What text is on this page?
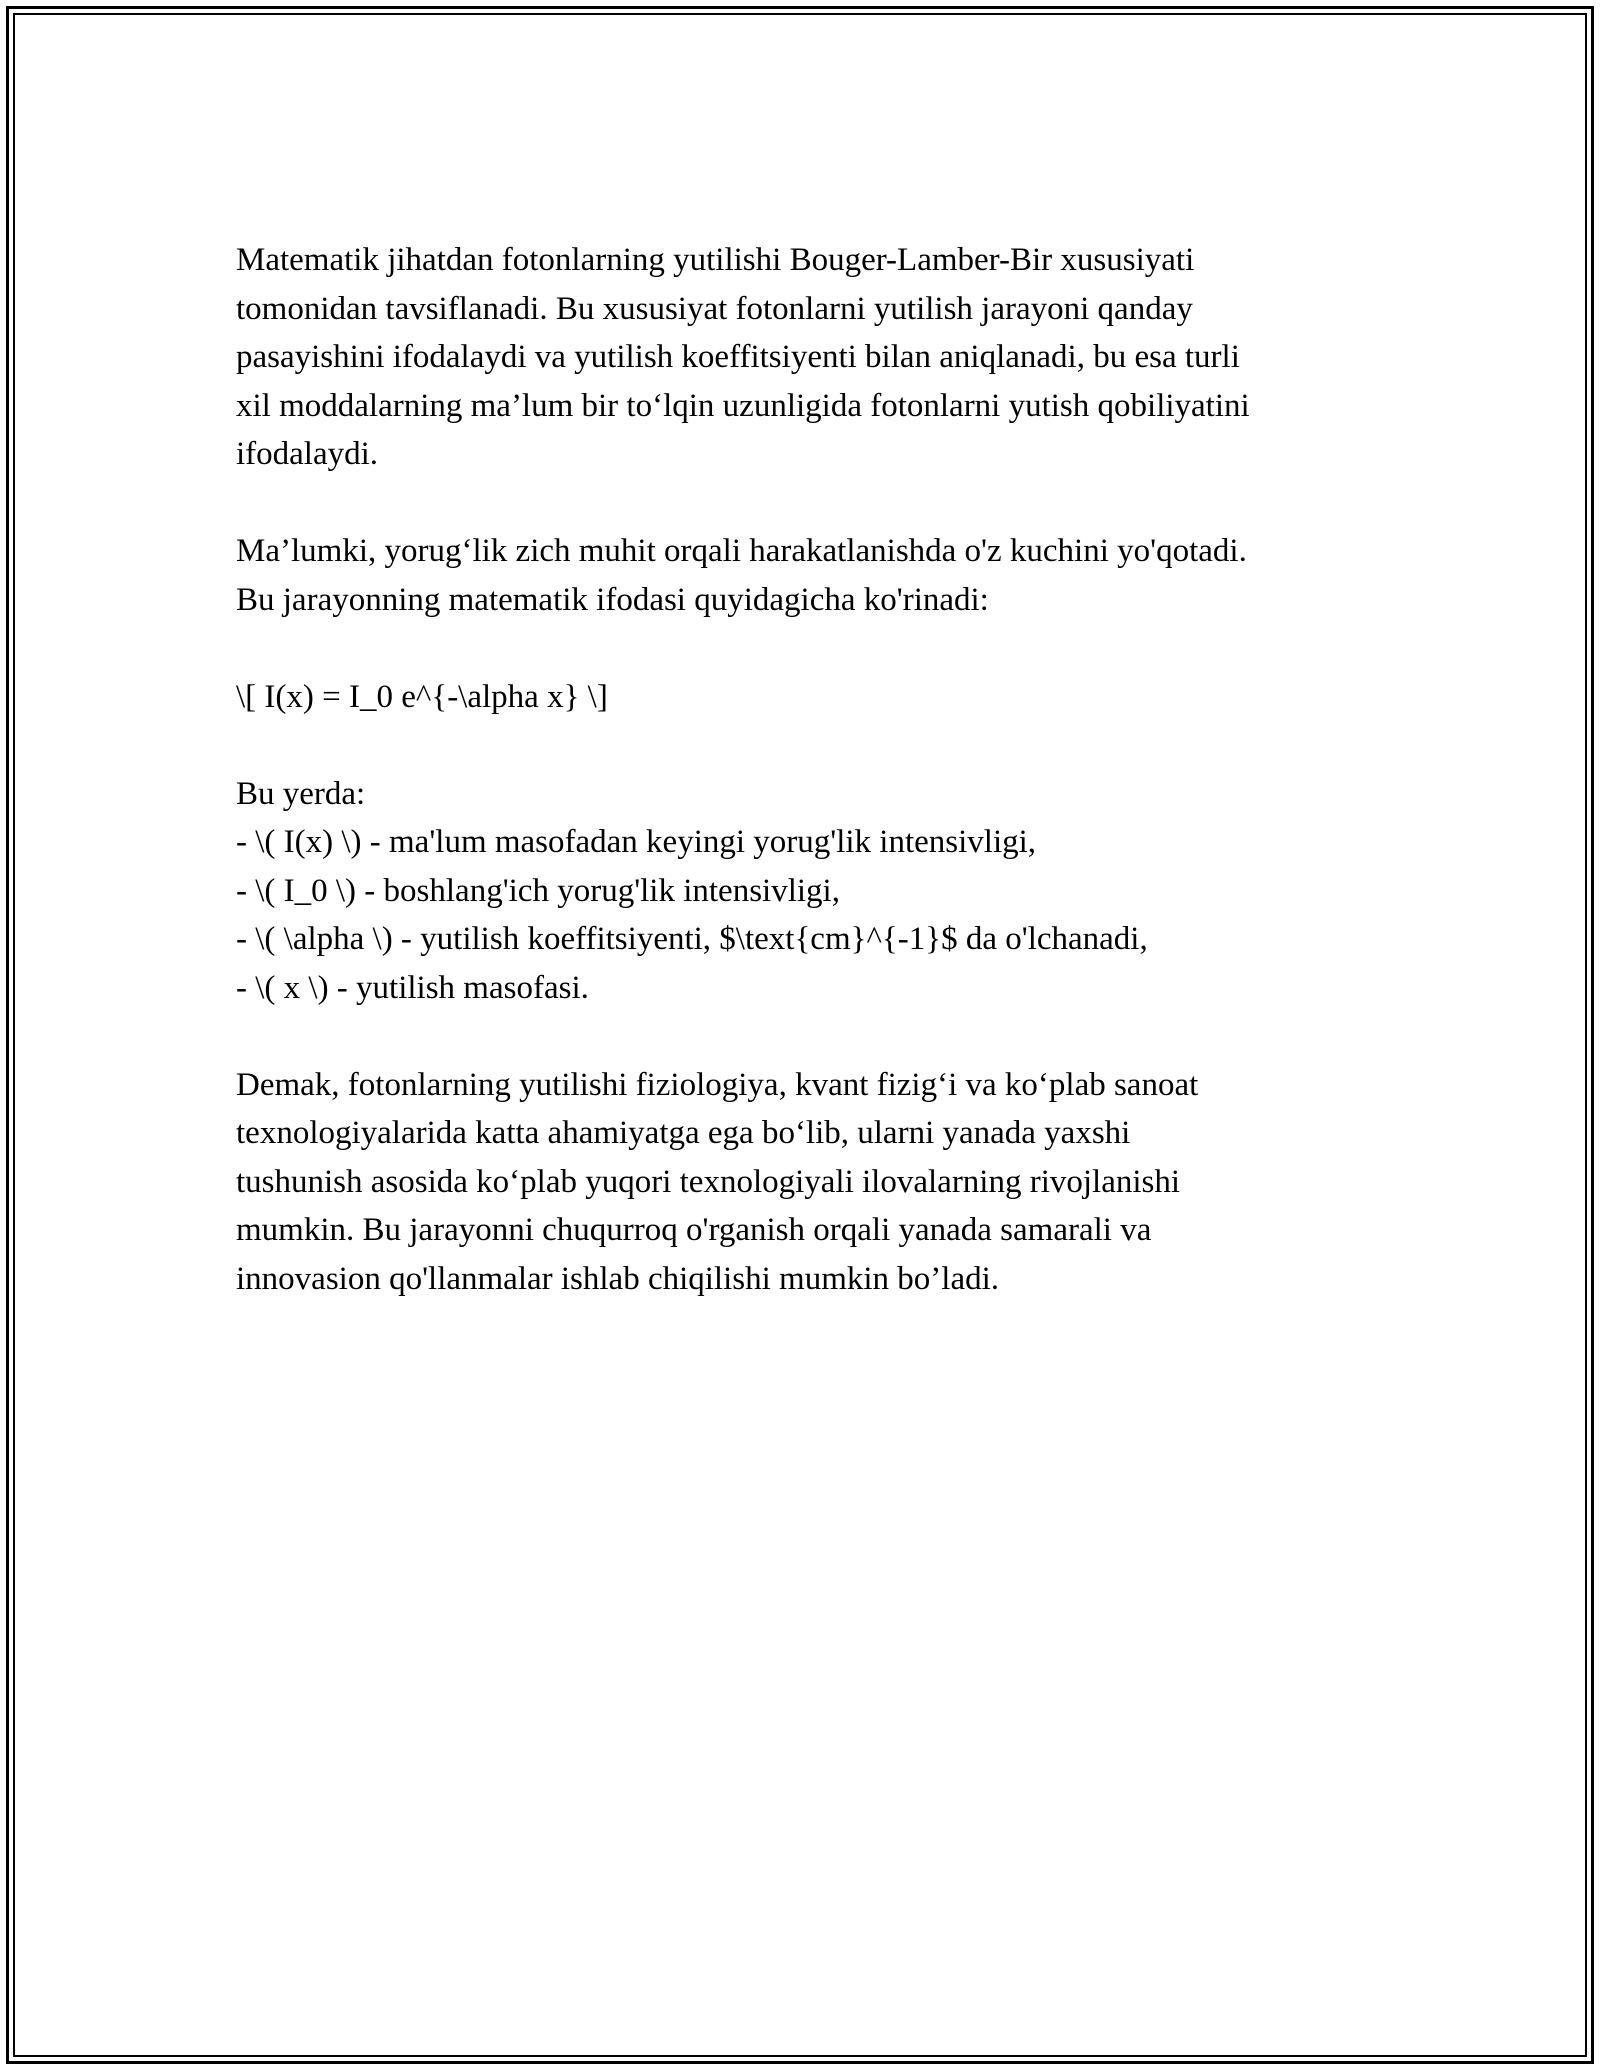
Matematik jihatdan fotonlarning yutilishi Bouger-Lamber-Bir xususiyati
tomonidan tavsiflanadi. Bu xususiyat fotonlarni yutilish jarayoni qanday
pasayishini ifodalaydi va yutilish koeffitsiyenti bilan aniqlanadi, bu esa turli
xil moddalarning ma’lum bir to‘lqin uzunligida fotonlarni yutish qobiliyatini
ifodalaydi.

Ma’lumki, yorug‘lik zich muhit orqali harakatlanishda o'z kuchini yo'qotadi.
Bu jarayonning matematik ifodasi quyidagicha ko'rinadi:

\[ I(x) = I_0 e^{-\alpha x} \]

Bu yerda:
- \( I(x) \) - ma'lum masofadan keyingi yorug'lik intensivligi,
- \( I_0 \) - boshlang'ich yorug'lik intensivligi,
- \( \alpha \) - yutilish koeffitsiyenti, $\text{cm}^{-1}$ da o'lchanadi,
- \( x \) - yutilish masofasi.

Demak, fotonlarning yutilishi fiziologiya, kvant fizig‘i va ko‘plab sanoat
texnologiyalarida katta ahamiyatga ega bo‘lib, ularni yanada yaxshi
tushunish asosida ko‘plab yuqori texnologiyali ilovalarning rivojlanishi
mumkin. Bu jarayonni chuqurroq o'rganish orqali yanada samarali va
innovasion qo'llanmalar ishlab chiqilishi mumkin bo’ladi.
